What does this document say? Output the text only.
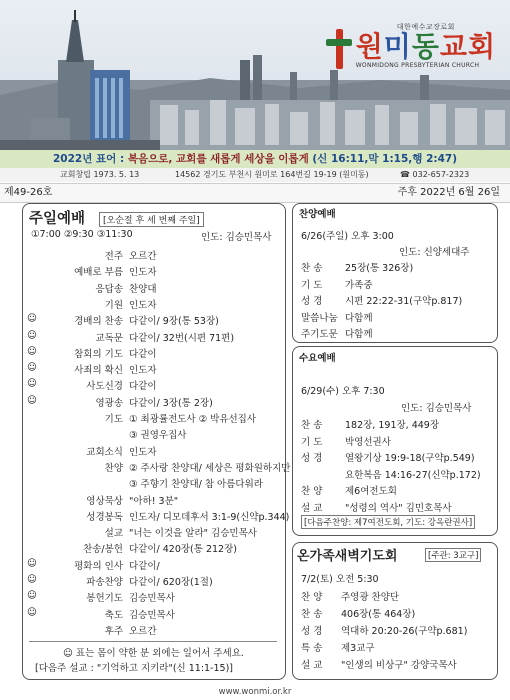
대한예수교장로회
원미동교회
WONMIDONG PRESBYTERIAN CHURCH
2022년 표어 : 복음으로, 교회를 새롭게 세상을 이롭게 (신 16:11,막 1:15,행 2:47)
교회창립 1973. 5. 13	14562 경기도 부천시 원미로 164번길 19-19 (원미동)	☎ 032-657-2323
제49-26호	주후 2022년 6월 26일
주일예배	[오순절 후 세 번째 주일]
①7:00 ②9:30 ③11:30	인도: 김승민목사
전주 오르간
예배로 부름 인도자
응답송 찬양대
기원 인도자
☺	경배의 찬송 다같이/ 9장(통 53장)
☺	교독문 다같이/ 32번(시편 71편)
☺	참회의 기도 다같이
☺	사죄의 확신 인도자
☺	사도신경 다같이
☺	영광송 다같이/ 3장(통 2장)
기도 ① 최광률전도사 ② 박유선집사
③ 권영우집사
교회소식 인도자
찬양 ② 주사랑 찬양대/ 세상은 평화원하지만
③ 주향기 찬양대/ 참 아름다워라
영상묵상 "아하! 3분"
성경봉독 인도자/ 디모데후서 3:1-9(신약p.344)
설교 "너는 이것을 알라" 김승민목사
찬송/봉헌 다같이/ 420장(통 212장)
☺	평화의 인사 다같이/
☺	파송찬양 다같이/ 620장(1절)
☺	봉헌기도 김승민목사
☺	축도 김승민목사
후주 오르간
☺ 표는 몸이 약한 분 외에는 일어서 주세요.
[다음주 설교 : "기억하고 지키라"(신 11:1-15)]
찬양예배
6/26(주일) 오후 3:00
인도: 신양세대주
찬 송 25장(통 326장)
기 도 가족중
성 경 시편 22:22-31(구약p.817)
말씀나눔 다함께
주기도문 다함께
수요예배
6/29(수) 오후 7:30
인도: 김승민목사
찬 송 182장, 191장, 449장
기 도 박영선권사
성 경 열왕기상 19:9-18(구약p.549)
요한복음 14:16-27(신약p.172)
찬 양 제6여전도회
설 교 "성령의 역사" 김민호목사
[다음주찬양: 제7여전도회, 기도: 강옥란권사]
온가족새벽기도회	[주관: 3교구]
7/2(토) 오전 5:30
찬 양 주영광 찬양단
찬 송 406장(통 464장)
성 경 역대하 20:20-26(구약p.681)
특 송 제3교구
설 교 "인생의 비상구" 강양국목사
www.wonmi.or.kr
